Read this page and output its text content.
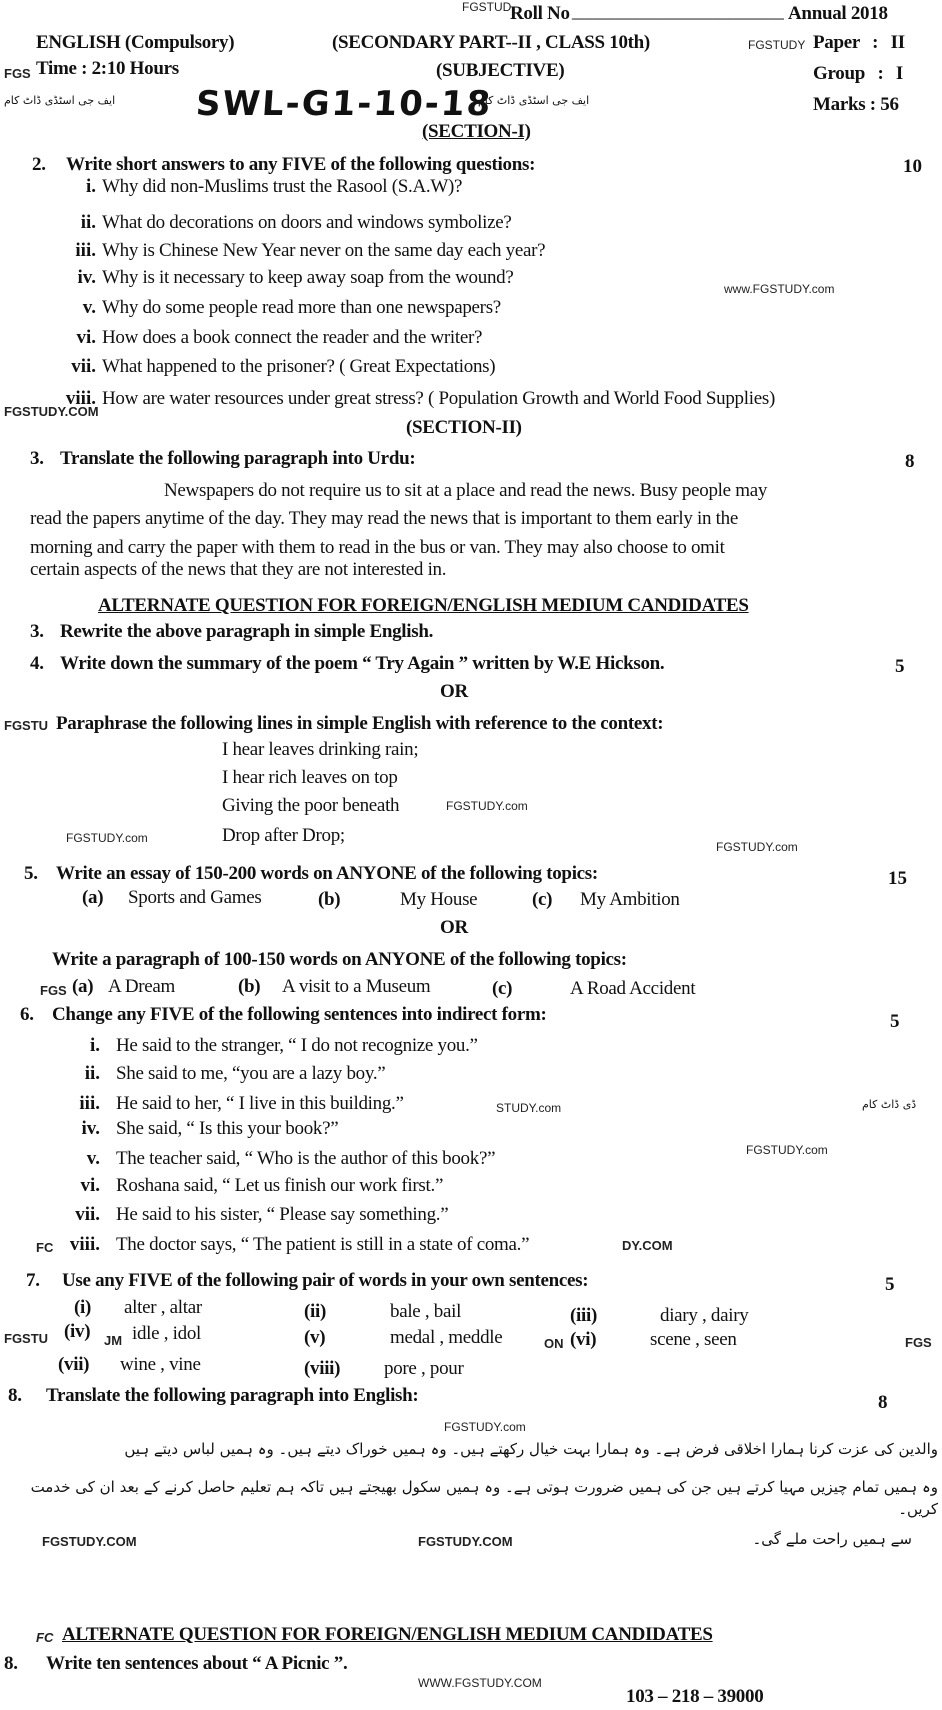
FGSTUD
Roll No _______________________ Annual 2018
ENGLISH (Compulsory)	(SECONDARY PART--II , CLASS 10th)	FGSTUDY Paper : II
FGS Time : 2:10 Hours	(SUBJECTIVE)	Group : I
ایف جی اسٹڈی ڈاٹ کام SWL-G1-10-18
ایف جی اسٹڈی ڈاٹ کام	Marks : 56
(SECTION-I)
2. Write short answers to any FIVE of the following questions:	10
i. Why did non-Muslims trust the Rasool (S.A.W)?
ii. What do decorations on doors and windows symbolize?
iii. Why is Chinese New Year never on the same day each year?
iv. Why is it necessary to keep away soap from the wound?
www.FGSTUDY.com
v. Why do some people read more than one newspapers?
vi. How does a book connect the reader and the writer?
vii. What happened to the prisoner? ( Great Expectations)
viii. How are water resources under great stress? ( Population Growth and World Food Supplies)
FGSTUDY.COM
(SECTION-II)
3. Translate the following paragraph into Urdu:	8
Newspapers do not require us to sit at a place and read the news. Busy people may
read the papers anytime of the day. They may read the news that is important to them early in the
morning and carry the paper with them to read in the bus or van. They may also choose to omit
certain aspects of the news that they are not interested in.
ALTERNATE QUESTION FOR FOREIGN/ENGLISH MEDIUM CANDIDATES
3. Rewrite the above paragraph in simple English.
4. Write down the summary of the poem “ Try Again ” written by W.E Hickson.	5
OR
FGSTU Paraphrase the following lines in simple English with reference to the context:
I hear leaves drinking rain;
I hear rich leaves on top
Giving the poor beneath	FGSTUDY.com
FGSTUDY.com	Drop after Drop;
FGSTUDY.com
5. Write an essay of 150-200 words on ANYONE of the following topics:	15
(a) Sports and Games	(b)	My House	(c) My Ambition
OR
Write a paragraph of 100-150 words on ANYONE of the following topics:
FGS (a) A Dream	(b) A visit to a Museum	(c)	A Road Accident
6. Change any FIVE of the following sentences into indirect form:	5
i. He said to the stranger, “ I do not recognize you.”
ii. She said to me, “you are a lazy boy.”
iii. He said to her, “ I live in this building.”	STUDY.com	ڈی ڈاٹ کام
iv. She said, “ Is this your book?”
FGSTUDY.com
v. The teacher said, “ Who is the author of this book?”
vi. Roshana said, “ Let us finish our work first.”
vii. He said to his sister, “ Please say something.”
FC viii. The doctor says, “ The patient is still in a state of coma.”	DY.COM
7. Use any FIVE of the following pair of words in your own sentences:	5
(i) alter , altar	(ii)	bale , bail	(iii)	diary , dairy
FGSTU (iv) JM idle , idol	(v)	medal , meddle	ON (vi)	scene , seen	FGS
(vii) wine , vine	(viii) pore , pour
8. Translate the following paragraph into English:	8
FGSTUDY.com
والدین کی عزت کرنا ہمارا اخلاقی فرض ہے۔ وہ ہمارا بہت خیال رکھتے ہیں۔ وہ ہمیں خوراک دیتے ہیں۔ وہ ہمیں لباس دیتے ہیں
وہ ہمیں تمام چیزیں مہیا کرتے ہیں جن کی ہمیں ضرورت ہوتی ہے۔ وہ ہمیں سکول بھیجتے ہیں تاکہ ہم تعلیم حاصل کرنے کے بعد ان کی خدمت کریں۔
FGSTUDY.COM	FGSTUDY.COM	سے ہمیں راحت ملے گی۔
FC ALTERNATE QUESTION FOR FOREIGN/ENGLISH MEDIUM CANDIDATES
8. Write ten sentences about “ A Picnic ”.
WWW.FGSTUDY.COM
103 – 218 – 39000
